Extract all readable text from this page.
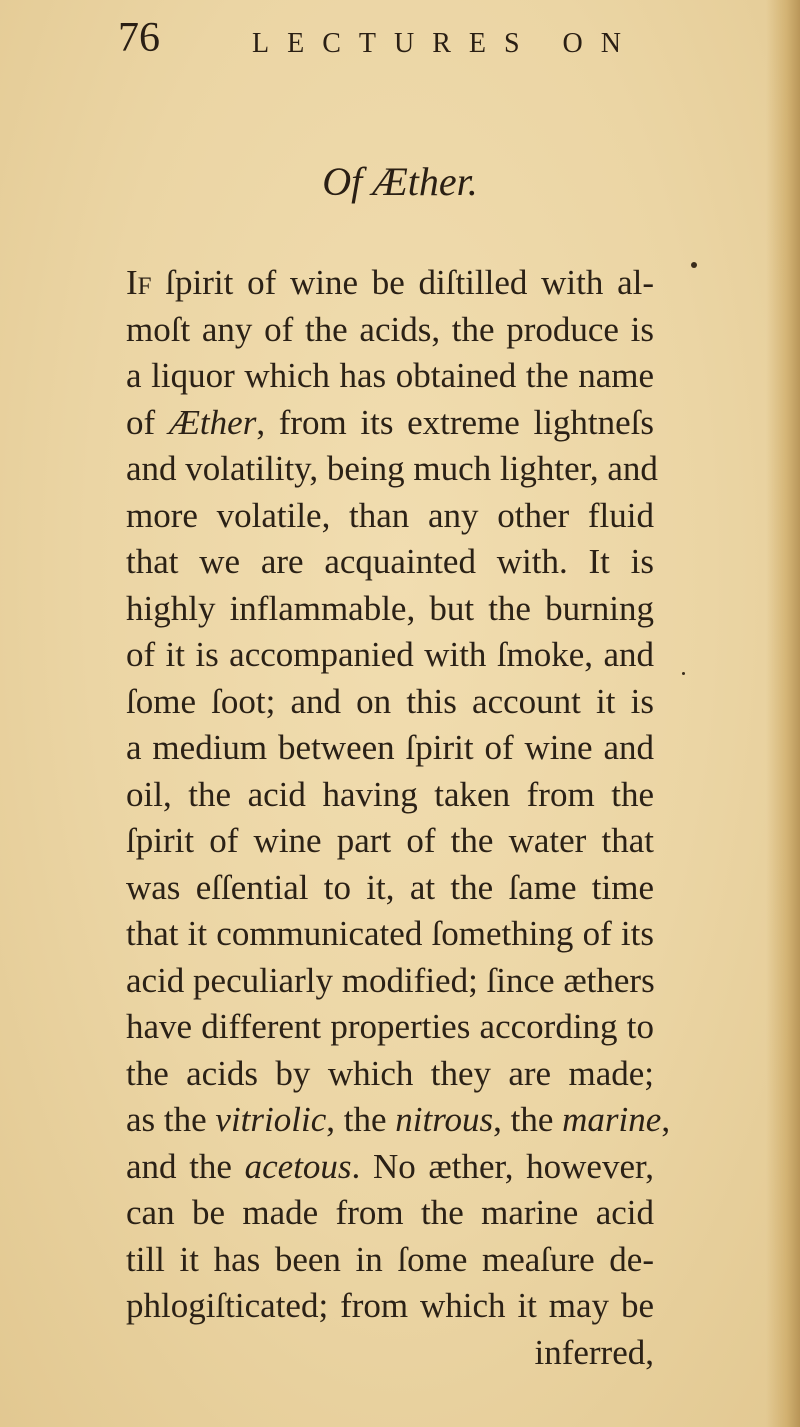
76	LECTURES ON
Of Æther.
If ſpirit of wine be diſtilled with al-
moſt any of the acids, the produce is
a liquor which has obtained the name
of Æther, from its extreme lightneſs
and volatility, being much lighter, and
more volatile, than any other fluid
that we are acquainted with. It is
highly inflammable, but the burning
of it is accompanied with ſmoke, and
ſome ſoot; and on this account it is
a medium between ſpirit of wine and
oil, the acid having taken from the
ſpirit of wine part of the water that
was eſſential to it, at the ſame time
that it communicated ſomething of its
acid peculiarly modified; ſince æthers
have different properties according to
the acids by which they are made;
as the vitriolic, the nitrous, the marine,
and the acetous. No æther, however,
can be made from the marine acid
till it has been in ſome meaſure de-
phlogiſticated; from which it may be
inferred,
